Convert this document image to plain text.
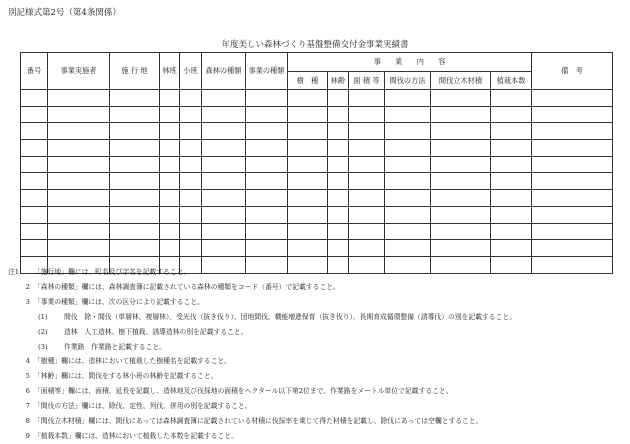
別記様式第2号（第4条関係）
年度美しい森林づくり基盤整備交付金事業実績書
番号	事業実施者	施 行 地	林班	小班	森林の種類	事業の種類	事　　業　　内　　容						備　考
							樹　種	林齢	面 積 等	間伐の方法	間伐立木材積	植栽本数	

注1 「施行地」欄には、町名及び字名を記載すること。
2 「森林の種類」欄には、森林調査簿に記載されている森林の種類をコード（番号）で記載すること。
3 「事業の種類」欄には、次の区分により記載すること。
(1) 間伐　除・間伐（単層林、複層林）、受光伐（抜き伐り）、団地間伐、機能増進保育（抜き伐り）、長期育成循環整備（誘導伐）の別を記載すること。
(2) 造林　人工造林、樹下植栽、誘導造林の別を記載すること。
(3) 作業路　作業路と記載すること。
4 「樹種」欄には、造林において植栽した樹種名を記載すること。
5 「林齢」欄には、間伐をする林小班の林齢を記載すること。
6 「面積等」欄には、面積、延長を記載し、造林地及び伐採地の面積をヘクタール以下第2位まで、作業路をメートル単位で記載すること。
7 「間伐の方法」欄には、除伐、定性、列伐、併用の別を記載すること。
8 「間伐立木材積」欄には、間伐にあっては森林調査簿に記載されている材積に伐採率を乗じて得た材積を記載し、除伐にあっては空欄とすること。
9 「植栽本数」欄には、造林において植栽した本数を記載すること。
